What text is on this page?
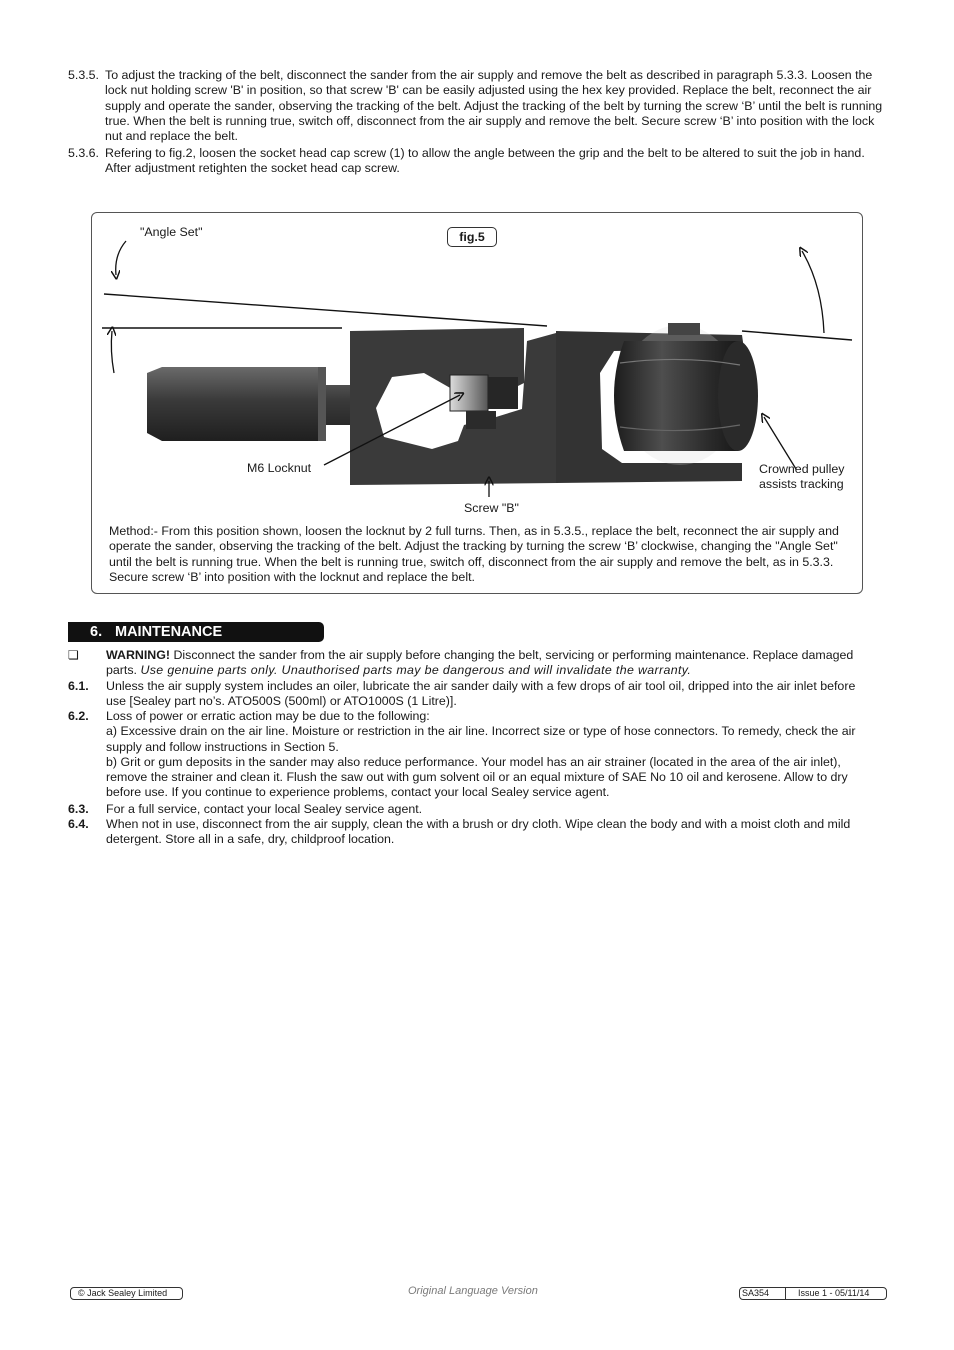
5.3.5. To adjust the tracking of the belt, disconnect the sander from the air supply and remove the belt as described in paragraph 5.3.3. Loosen the lock nut holding screw 'B' in position, so that screw 'B' can be easily adjusted using the hex key provided. Replace the belt, reconnect the air supply and operate the sander, observing the tracking of the belt. Adjust the tracking of the belt by turning the screw ‘B’ until the belt is running true. When the belt is running true, switch off, disconnect from the air supply and remove the belt. Secure screw ‘B’ into position with the lock nut and replace the belt.
5.3.6. Refering to fig.2, loosen the socket head cap screw (1) to allow the angle between the grip and the belt to be altered to suit the job in hand. After adjustment retighten the socket head cap screw.
"Angle Set"	fig.5
M6 Locknut
Screw "B"
Crowned pulley
assists tracking
Method:- From this position shown, loosen the locknut by 2 full turns. Then, as in 5.3.5., replace the belt, reconnect the air supply and operate the sander, observing the tracking of the belt. Adjust the tracking by turning the screw ‘B’ clockwise, changing the "Angle Set" until the belt is running true. When the belt is running true, switch off, disconnect from the air supply and remove the belt, as in 5.3.3. Secure screw ‘B’ into position with the locknut and replace the belt.
6. MAINTENANCE
❏ WARNING! Disconnect the sander from the air supply before changing the belt, servicing or performing maintenance. Replace damaged parts. Use genuine parts only. Unauthorised parts may be dangerous and will invalidate the warranty.
6.1. Unless the air supply system includes an oiler, lubricate the air sander daily with a few drops of air tool oil, dripped into the air inlet before use [Sealey part no’s. ATO500S (500ml) or ATO1000S (1 Litre)].
6.2. Loss of power or erratic action may be due to the following:
a) Excessive drain on the air line. Moisture or restriction in the air line. Incorrect size or type of hose connectors. To remedy, check the air supply and follow instructions in Section 5.
b) Grit or gum deposits in the sander may also reduce performance. Your model has an air strainer (located in the area of the air inlet), remove the strainer and clean it. Flush the saw out with gum solvent oil or an equal mixture of SAE No 10 oil and kerosene. Allow to dry before use. If you continue to experience problems, contact your local Sealey service agent.
6.3. For a full service, contact your local Sealey service agent.
6.4. When not in use, disconnect from the air supply, clean the with a brush or dry cloth. Wipe clean the body and with a moist cloth and mild detergent. Store all in a safe, dry, childproof location.
© Jack Sealey Limited	Original Language Version	SA354	Issue 1 - 05/11/14
